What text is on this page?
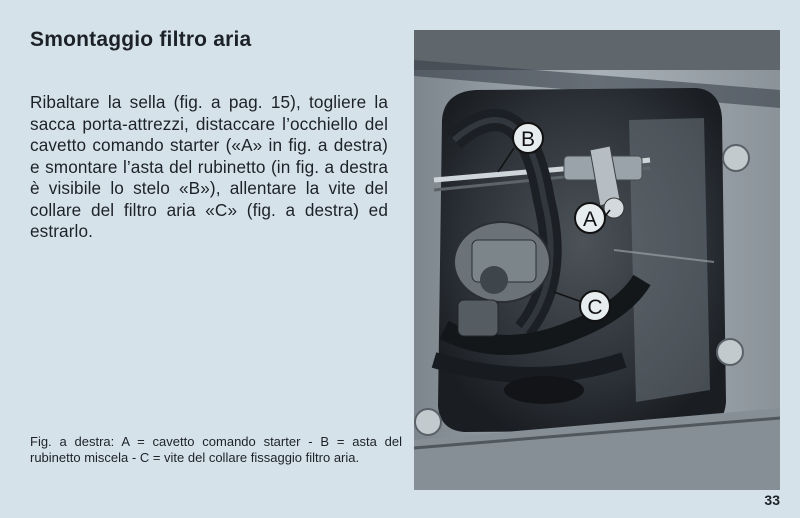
Smontaggio filtro aria
Ribaltare la sella (fig. a pag. 15), togliere la sacca porta-attrezzi, distaccare l’occhiello del cavetto comando starter («A» in fig. a destra) e smontare l’asta del rubinetto (in fig. a destra è visibile lo stelo «B»), allentare la vite del collare del filtro aria «C» (fig. a destra) ed estrarlo.
Fig. a destra: A = cavetto comando starter - B = asta del rubinetto miscela - C = vite del collare fissaggio filtro aria.
33
B
A
C
